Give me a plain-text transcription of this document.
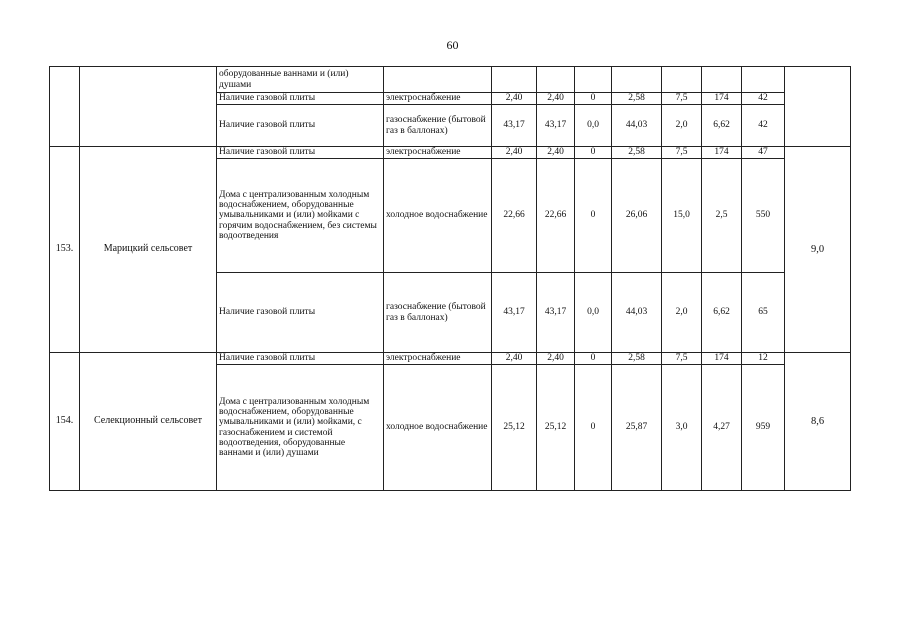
60
		оборудованные ваннами и (или) душами									
		Наличие газовой плиты	электроснабжение	2,40	2,40	0	2,58	7,5	174	42	
		Наличие газовой плиты	газоснабжение (бытовой газ в баллонах)	43,17	43,17	0,0	44,03	2,0	6,62	42	
153.	Марицкий сельсовет	Наличие газовой плиты	электроснабжение	2,40	2,40	0	2,58	7,5	174	47	9,0
		Дома с централизованным холодным водоснабжением, оборудованные умывальниками и (или) мойками с горячим водоснабжением, без системы водоотведения	холодное водоснабжение	22,66	22,66	0	26,06	15,0	2,5	550	
		Наличие газовой плиты	газоснабжение (бытовой газ в баллонах)	43,17	43,17	0,0	44,03	2,0	6,62	65	
154.	Селекционный сельсовет	Наличие газовой плиты	электроснабжение	2,40	2,40	0	2,58	7,5	174	12	8,6
		Дома с централизованным холодным водоснабжением, оборудованные умывальниками и (или) мойками, с газоснабжением и системой водоотведения, оборудованные ваннами и (или) душами	холодное водоснабжение	25,12	25,12	0	25,87	3,0	4,27	959	
